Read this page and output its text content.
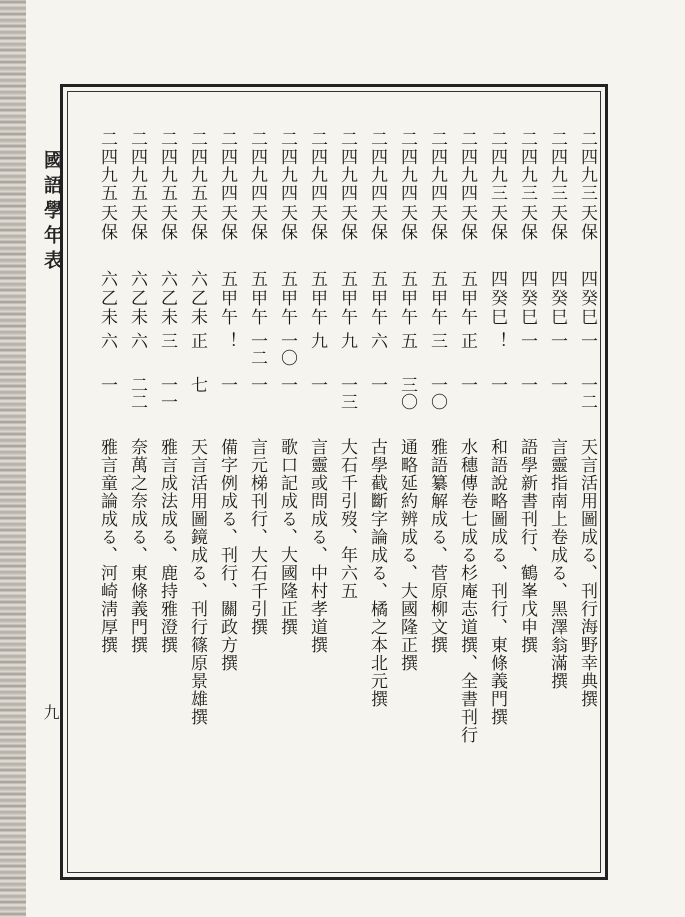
國語學年表
九
二四九三
天保
四癸巳
一
一二
天言活用圖成る、刊行海野幸典撰
二四九三
天保
四癸巳
一
一
言靈指南上卷成る、黑澤翁滿撰
二四九三
天保
四癸巳
一
一
語學新書刊行、鶴峯戊申撰
二四九三
天保
四癸巳
！
一
和語說略圖成る、刊行、東條義門撰
二四九四
天保
五甲午
正
一
水穗傳卷七成る杉庵志道撰、全書刊行
二四九四
天保
五甲午
三
一〇
雅語纂解成る、菅原柳文撰
二四九四
天保
五甲午
五
三〇
通略延約辨成る、大國隆正撰
二四九四
天保
五甲午
六
一
古學截斷字論成る、橘之本北元撰
二四九四
天保
五甲午
九
一三
大石千引歿、年六五
二四九四
天保
五甲午
九
一
言靈或問成る、中村孝道撰
二四九四
天保
五甲午
一〇
一
歌口記成る、大國隆正撰
二四九四
天保
五甲午
一二
一
言元梯刊行、大石千引撰
二四九四
天保
五甲午
！
一
備字例成る、刊行、關政方撰
二四九五
天保
六乙未
正
七
天言活用圖鏡成る、刊行篠原景雄撰
二四九五
天保
六乙未
三
一一
雅言成法成る、鹿持雅澄撰
二四九五
天保
六乙未
六
二二
奈萬之奈成る、東條義門撰
二四九五
天保
六乙未
六
一
雅言童論成る、河崎淸厚撰
